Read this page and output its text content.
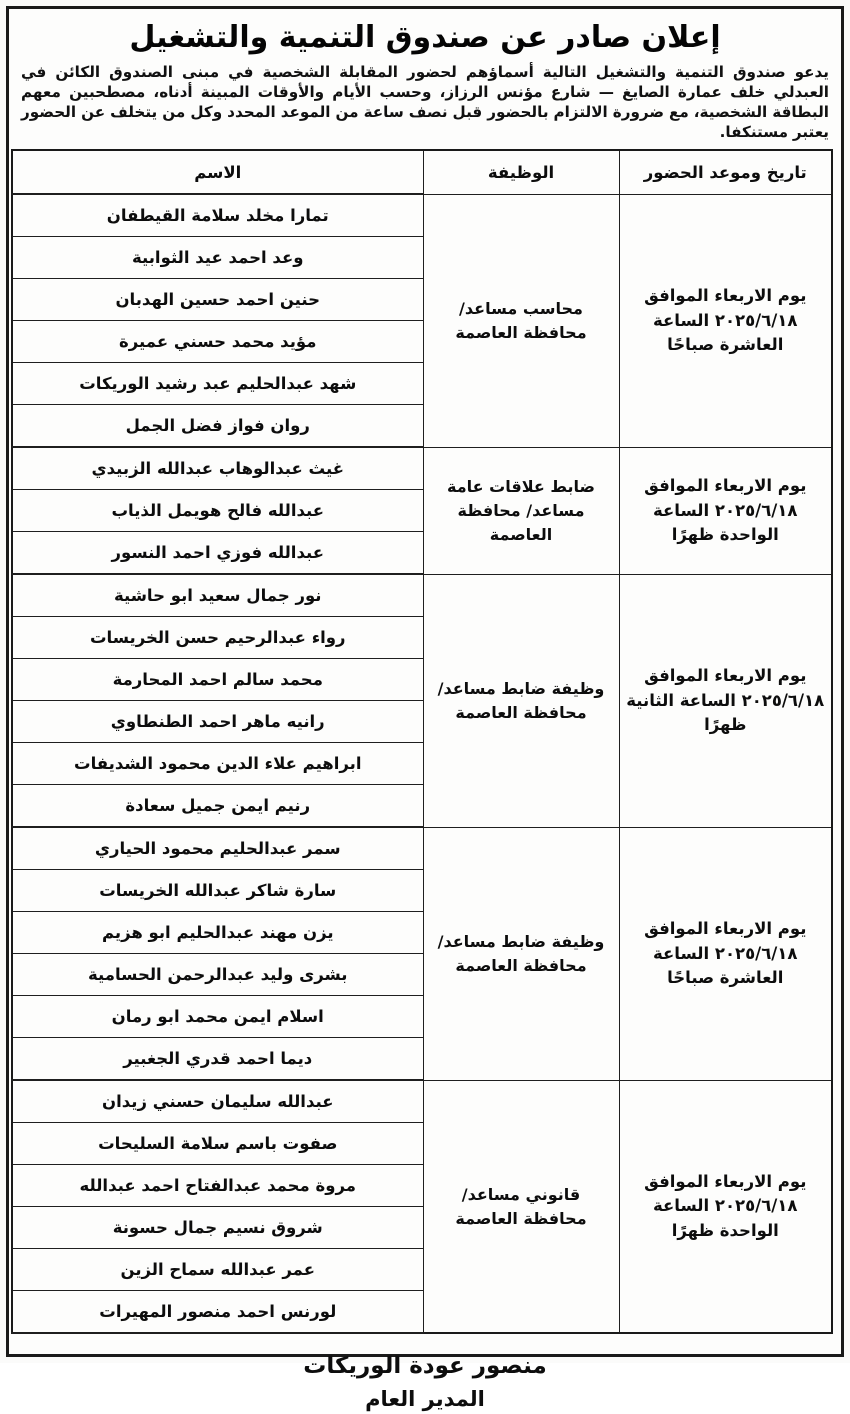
إعلان صادر عن صندوق التنمية والتشغيل
يدعو صندوق التنمية والتشغيل التالية أسماؤهم لحضور المقابلة الشخصية في مبنى الصندوق الكائن في العبدلي خلف عمارة الصايغ — شارع مؤنس الرزاز، وحسب الأيام والأوقات المبينة أدناه، مصطحبين معهم البطاقة الشخصية، مع ضرورة الالتزام بالحضور قبل نصف ساعة من الموعد المحدد وكل من يتخلف عن الحضور يعتبر مستنكفا.
تاريخ وموعد الحضور	الوظيفة	الاسم
يوم الاربعاء الموافق ٢٠٢٥/٦/١٨ الساعة العاشرة صباحًا	محاسب مساعد/ محافظة العاصمة	تمارا مخلد سلامة القيطفان
		وعد احمد عيد الثوابية
		حنين احمد حسين الهدبان
		مؤيد محمد حسني عميرة
		شهد عبدالحليم عبد رشيد الوريكات
		روان فواز فضل الجمل
يوم الاربعاء الموافق ٢٠٢٥/٦/١٨ الساعة الواحدة ظهرًا	ضابط علاقات عامة مساعد/ محافظة العاصمة	غيث عبدالوهاب عبدالله الزبيدي
		عبدالله فالح هويمل الذياب
		عبدالله فوزي احمد النسور
يوم الاربعاء الموافق ٢٠٢٥/٦/١٨ الساعة الثانية ظهرًا	وظيفة ضابط مساعد/ محافظة العاصمة	نور جمال سعيد ابو حاشية
		رواء عبدالرحيم حسن الخريسات
		محمد سالم احمد المحارمة
		رانيه ماهر احمد الطنطاوي
		ابراهيم علاء الدين محمود الشديفات
		رنيم ايمن جميل سعادة
يوم الاربعاء الموافق ٢٠٢٥/٦/١٨ الساعة العاشرة صباحًا	وظيفة ضابط مساعد/ محافظة العاصمة	سمر عبدالحليم محمود الحياري
		سارة شاكر عبدالله الخريسات
		يزن مهند عبدالحليم ابو هزيم
		بشرى وليد عبدالرحمن الحسامية
		اسلام ايمن محمد ابو رمان
		ديما احمد قدري الجغبير
يوم الاربعاء الموافق ٢٠٢٥/٦/١٨ الساعة الواحدة ظهرًا	قانوني مساعد/ محافظة العاصمة	عبدالله سليمان حسني زيدان
		صفوت باسم سلامة السليحات
		مروة محمد عبدالفتاح احمد عبدالله
		شروق نسيم جمال حسونة
		عمر عبدالله سماح الزين
		لورنس احمد منصور المهيرات
منصور عودة الوريكات
المدير العام
